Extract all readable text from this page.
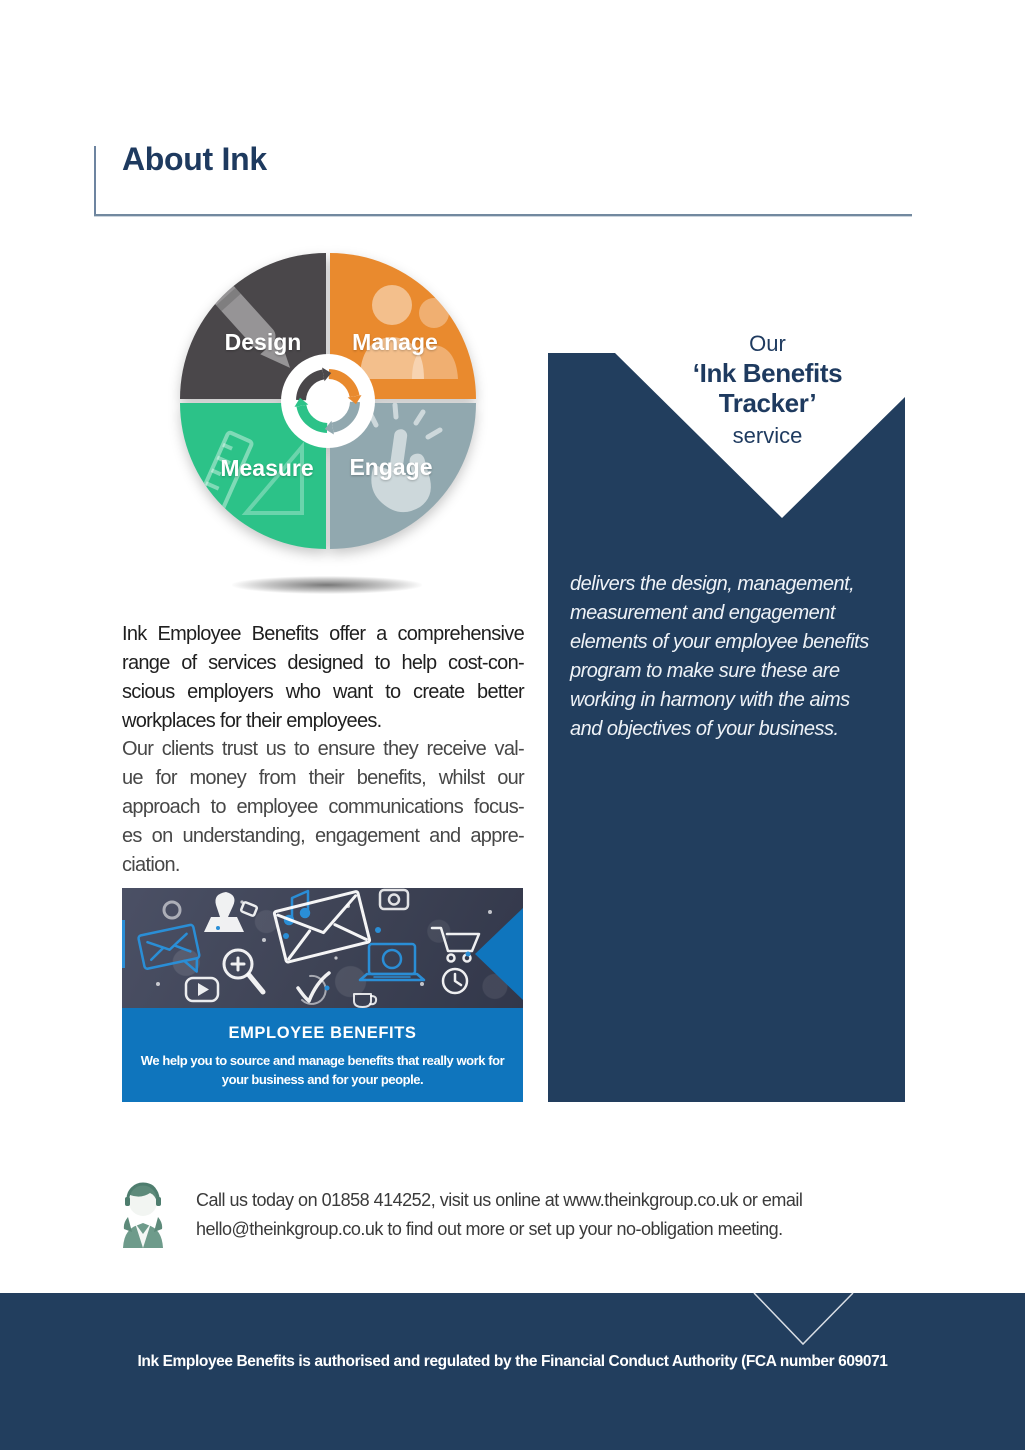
About Ink
Design	Manage
Measure	Engage
Ink Employee Benefits offer a comprehensive
range of services designed to help cost-con-
scious employers who want to create better
workplaces for their employees.
Our clients trust us to ensure they receive val-
ue for money from their benefits, whilst our
approach to employee communications focus-
es on understanding, engagement and appre-
ciation.
EMPLOYEE BENEFITS
We help you to source and manage benefits that really work for
your business and for your people.
Our
‘Ink Benefits
Tracker’
service
delivers the design, management,
measurement and engagement
elements of your employee benefits
program to make sure these are
working in harmony with the aims
and objectives of your business.
Call us today on 01858 414252, visit us online at www.theinkgroup.co.uk or email
hello@theinkgroup.co.uk to find out more or set up your no-obligation meeting.
Ink Employee Benefits is authorised and regulated by the Financial Conduct Authority (FCA number 609071
